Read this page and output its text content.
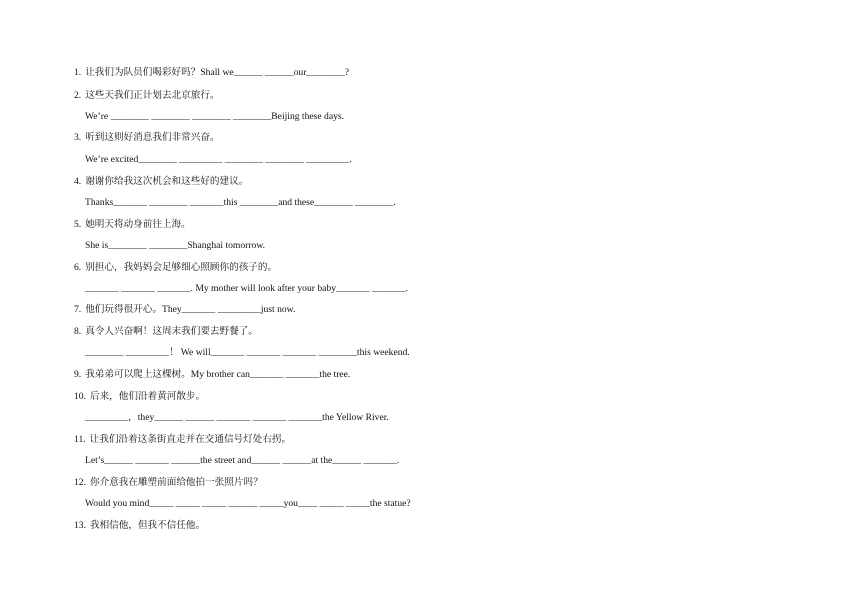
1. 让我们为队员们喝彩好吗？Shall we______ ______our________?
2. 这些天我们正计划去北京旅行。
We’re ________ ________ ________ ________Beijing these days.
3. 听到这则好消息我们非常兴奋。
We’re excited________ _________ ________ ________ _________.
4. 谢谢你给我这次机会和这些好的建议。
Thanks_______ ________ _______this ________and these________ ________.
5. 她明天将动身前往上海。
She is________ ________Shanghai tomorrow.
6. 别担心，我妈妈会足够细心照顾你的孩子的。
_______ _______ _______. My mother will look after your baby_______ _______.
7. 他们玩得很开心。They_______ _________just now.
8. 真令人兴奋啊！这周末我们要去野餐了。
________ _________！ We will_______ _______ _______ ________this weekend.
9. 我弟弟可以爬上这棵树。My brother can_______ _______the tree.
10. 后来，他们沿着黄河散步。
_________，they______ ______ _______ _______ _______the Yellow River.
11. 让我们沿着这条街直走并在交通信号灯处右拐。
Let’s______ _______ ______the street and______ ______at the______ _______.
12. 你介意我在雕塑前面给他拍一张照片吗？
Would you mind_____ _____ _____ ______ _____you____ _____ _____the statue?
13. 我相信他，但我不信任他。
